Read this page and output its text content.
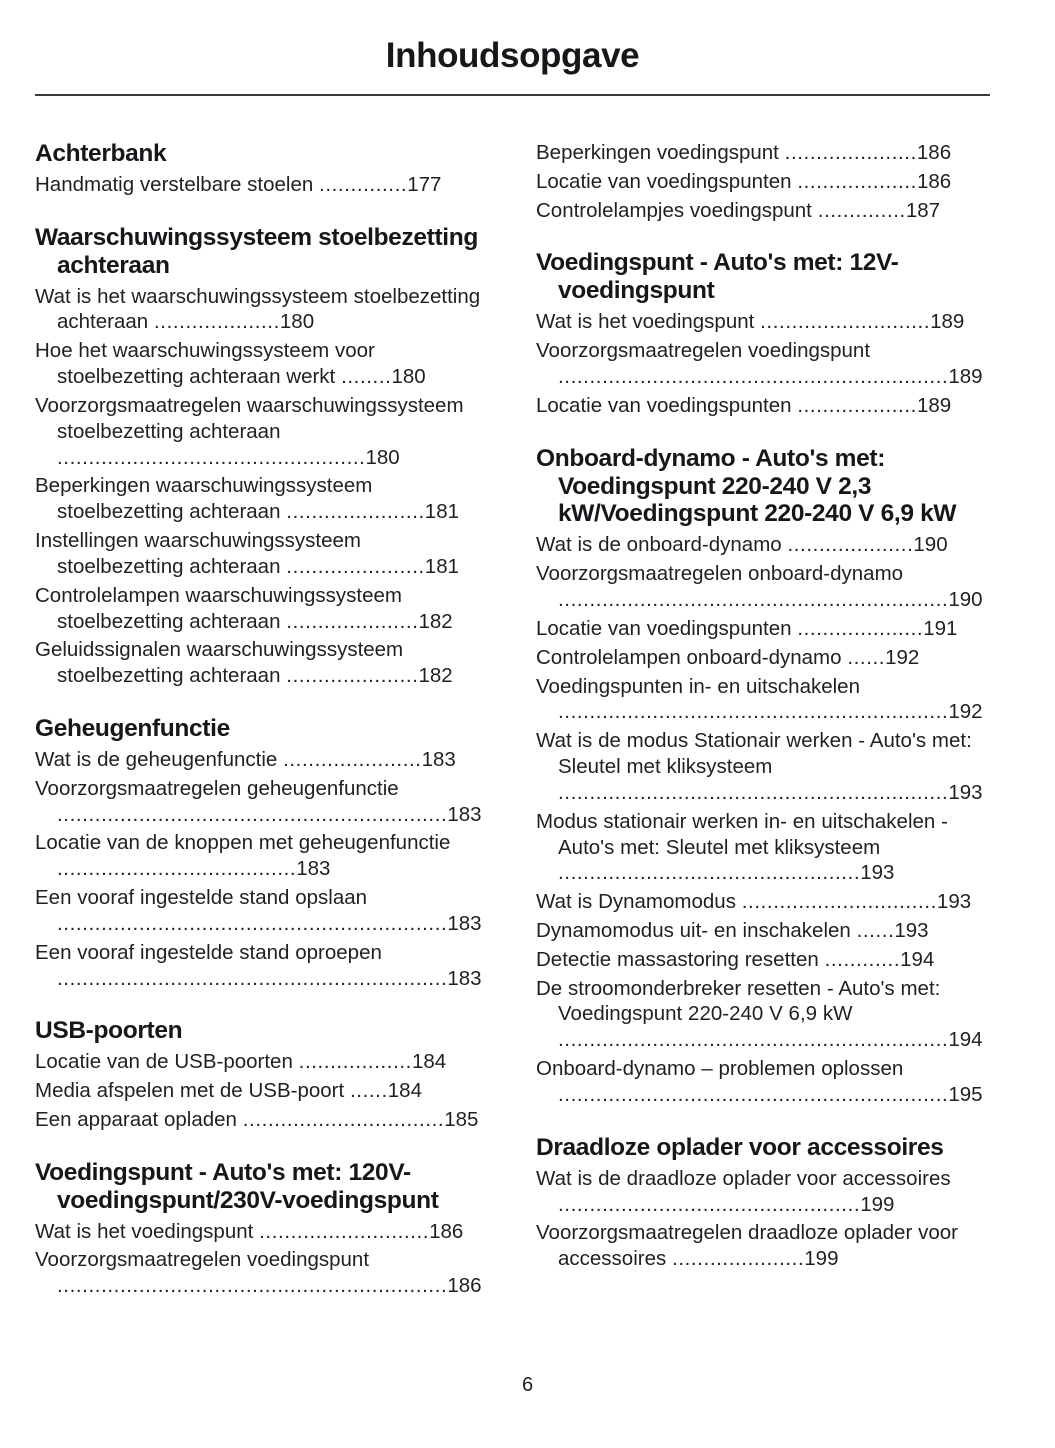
Inhoudsopgave
Achterbank
Handmatig verstelbare stoelen ..............177
Waarschuwingssysteem stoelbezetting achteraan
Wat is het waarschuwingssysteem stoelbezetting achteraan ....................180
Hoe het waarschuwingssysteem voor stoelbezetting achteraan werkt ........180
Voorzorgsmaatregelen waarschuwingssysteem stoelbezetting achteraan .................................................180
Beperkingen waarschuwingssysteem stoelbezetting achteraan ......................181
Instellingen waarschuwingssysteem stoelbezetting achteraan ......................181
Controlelampen waarschuwingssysteem stoelbezetting achteraan .....................182
Geluidssignalen waarschuwingssysteem stoelbezetting achteraan .....................182
Geheugenfunctie
Wat is de geheugenfunctie ......................183
Voorzorgsmaatregelen geheugenfunctie ..............................................................183
Locatie van de knoppen met geheugenfunctie ......................................183
Een vooraf ingestelde stand opslaan ..............................................................183
Een vooraf ingestelde stand oproepen ..............................................................183
USB-poorten
Locatie van de USB-poorten ..................184
Media afspelen met de USB-poort ......184
Een apparaat opladen ................................185
Voedingspunt - Auto's met: 120V-voedingspunt/230V-voedingspunt
Wat is het voedingspunt ...........................186
Voorzorgsmaatregelen voedingspunt ..............................................................186
Beperkingen voedingspunt .....................186
Locatie van voedingspunten ...................186
Controlelampjes voedingspunt ..............187
Voedingspunt - Auto's met: 12V-voedingspunt
Wat is het voedingspunt ...........................189
Voorzorgsmaatregelen voedingspunt ..............................................................189
Locatie van voedingspunten ...................189
Onboard-dynamo - Auto's met: Voedingspunt 220-240 V 2,3 kW/Voedingspunt 220-240 V 6,9 kW
Wat is de onboard-dynamo ....................190
Voorzorgsmaatregelen onboard-dynamo ..............................................................190
Locatie van voedingspunten ....................191
Controlelampen onboard-dynamo ......192
Voedingspunten in- en uitschakelen ..............................................................192
Wat is de modus Stationair werken - Auto's met: Sleutel met kliksysteem ..............................................................193
Modus stationair werken in- en uitschakelen - Auto's met: Sleutel met kliksysteem ................................................193
Wat is Dynamomodus ...............................193
Dynamomodus uit- en inschakelen ......193
Detectie massastoring resetten ............194
De stroomonderbreker resetten - Auto's met: Voedingspunt 220-240 V 6,9 kW ..............................................................194
Onboard-dynamo – problemen oplossen ..............................................................195
Draadloze oplader voor accessoires
Wat is de draadloze oplader voor accessoires ................................................199
Voorzorgsmaatregelen draadloze oplader voor accessoires .....................199
6
